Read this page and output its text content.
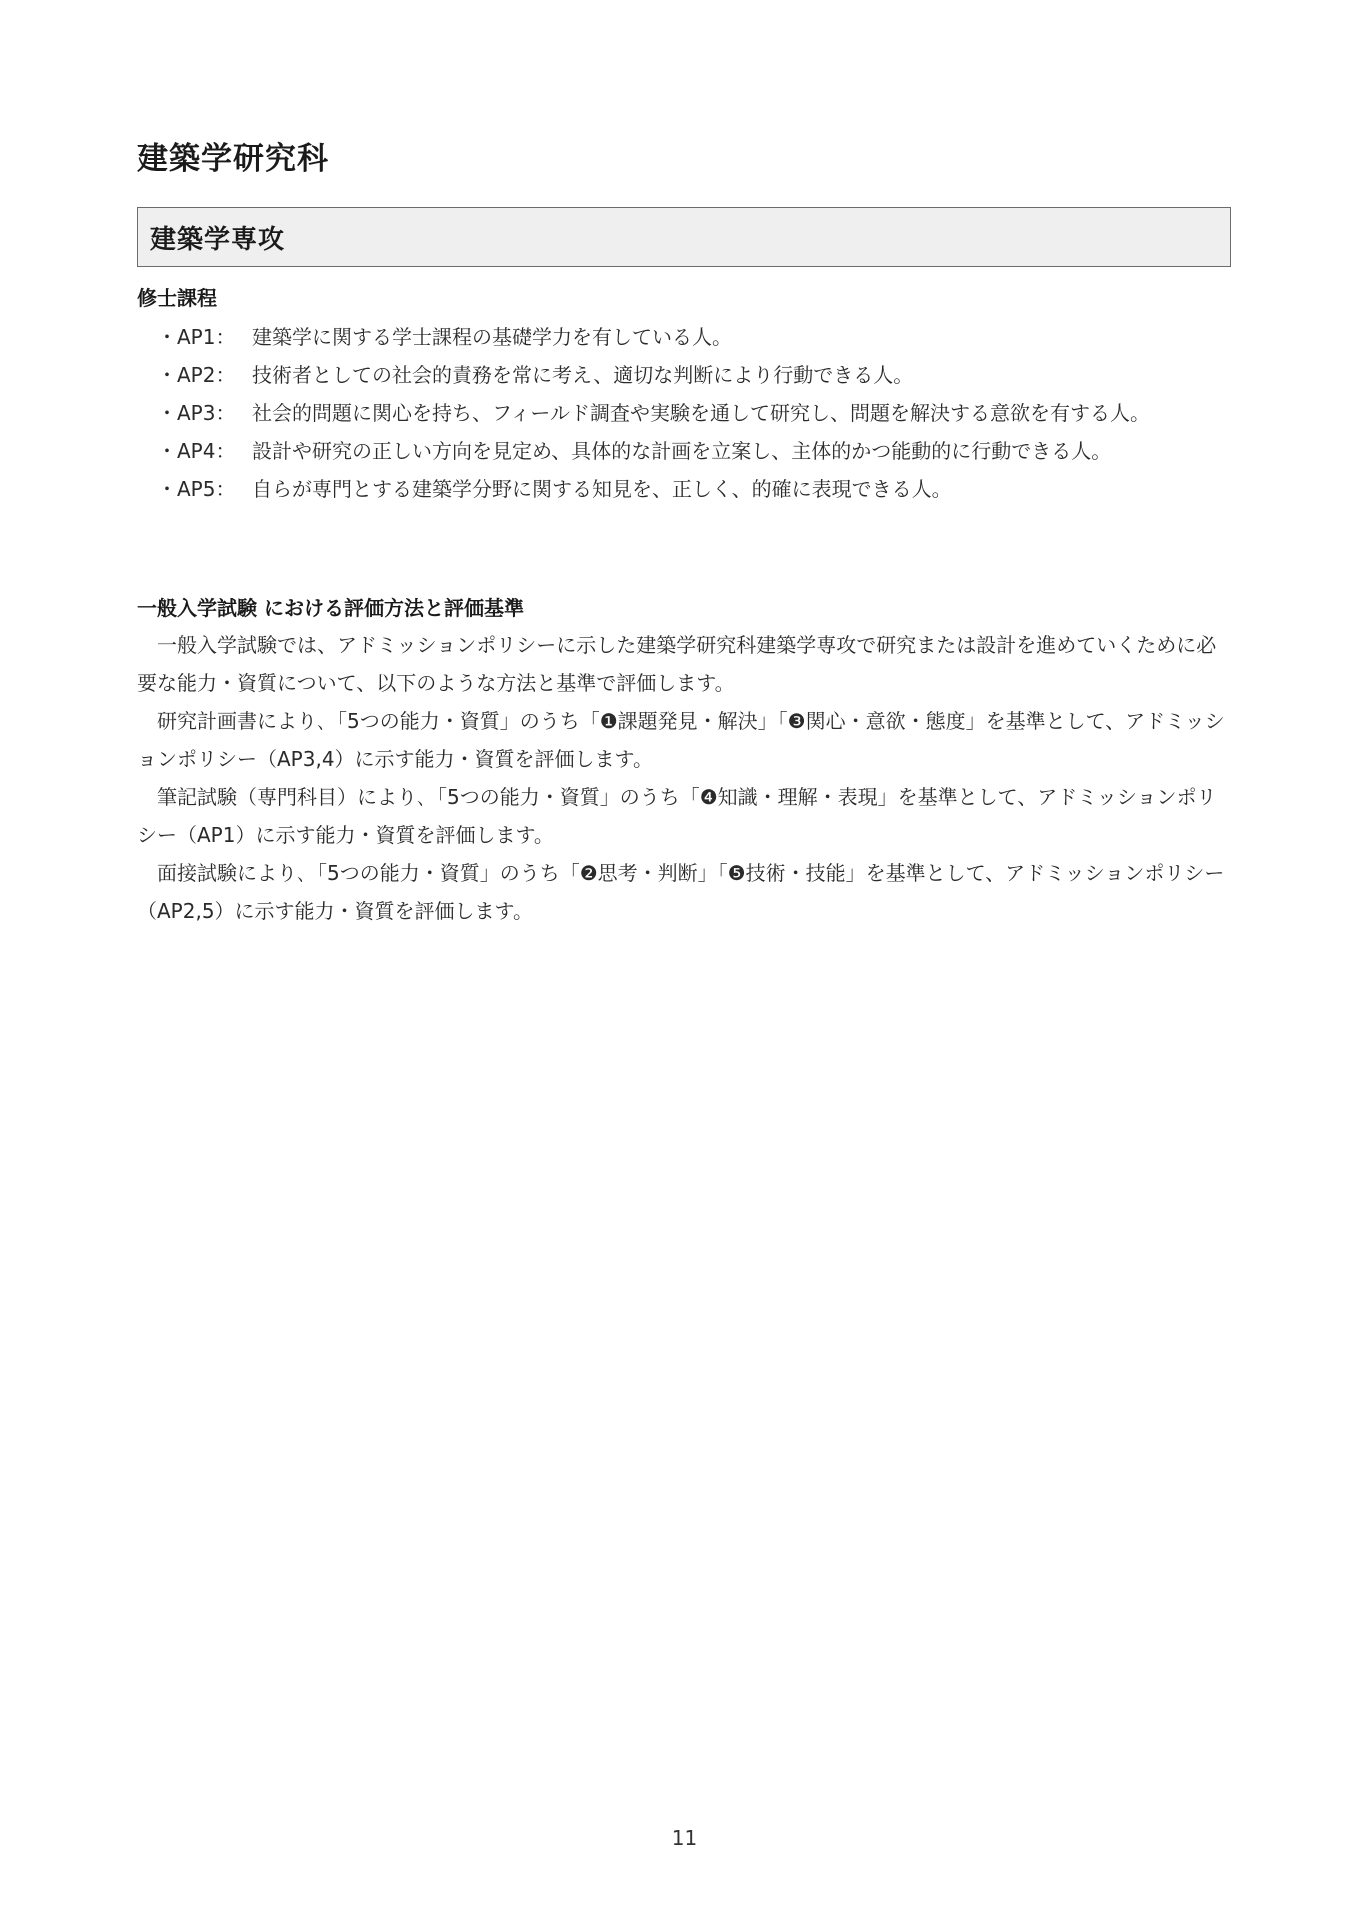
建築学研究科
建築学専攻
修士課程
・AP1： 建築学に関する学士課程の基礎学力を有している人。
・AP2： 技術者としての社会的責務を常に考え、適切な判断により行動できる人。
・AP3： 社会的問題に関心を持ち、フィールド調査や実験を通して研究し、問題を解決する意欲を有する人。
・AP4： 設計や研究の正しい方向を見定め、具体的な計画を立案し、主体的かつ能動的に行動できる人。
・AP5： 自らが専門とする建築学分野に関する知見を、正しく、的確に表現できる人。
一般入学試験 における評価方法と評価基準

一般入学試験では、アドミッションポリシーに示した建築学研究科建築学専攻で研究または設計を進めていくために必要な能力・資質について、以下のような方法と基準で評価します。

研究計画書により､「5つの能力・資質」のうち「❶課題発見・解決」「❸関心・意欲・態度」を基準として、アドミッションポリシー（AP3,4）に示す能力・資質を評価します。

筆記試験（専門科目）により､「5つの能力・資質」のうち「❹知識・理解・表現」を基準として、アドミッションポリシー（AP1）に示す能力・資質を評価します。

面接試験により､「5つの能力・資質」のうち「❷思考・判断」「❺技術・技能」を基準として、アドミッションポリシー（AP2,5）に示す能力・資質を評価します。

11
